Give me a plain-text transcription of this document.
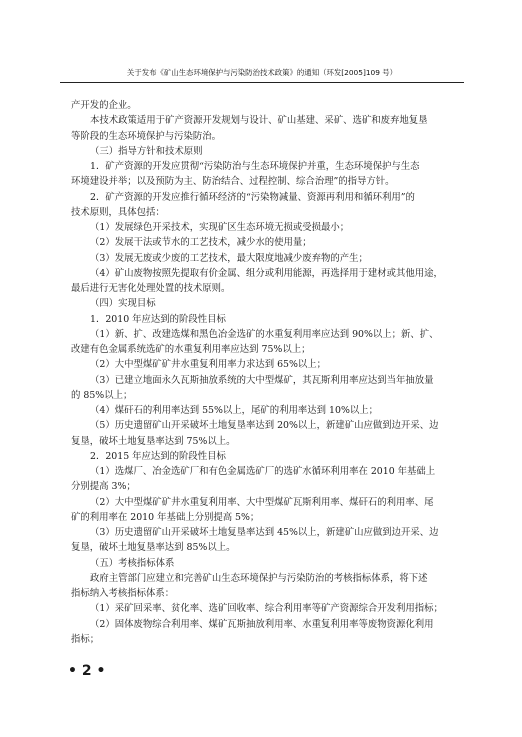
关于发布《矿山生态环境保护与污染防治技术政策》的通知（环发[2005]109 号）

产开发的企业。

本技术政策适用于矿产资源开发规划与设计、矿山基建、采矿、选矿和废弃地复垦

等阶段的生态环境保护与污染防治。

（三）指导方针和技术原则

1．矿产资源的开发应贯彻“污染防治与生态环境保护并重，生态环境保护与生态

环境建设并举；以及预防为主、防治结合、过程控制、综合治理”的指导方针。

2．矿产资源的开发应推行循环经济的“污染物减量、资源再利用和循环利用”的

技术原则，具体包括：

（1）发展绿色开采技术，实现矿区生态环境无损或受损最小；

（2）发展干法或节水的工艺技术，减少水的使用量；

（3）发展无废或少废的工艺技术，最大限度地减少废弃物的产生；

（4）矿山废物按照先提取有价金属、组分或利用能源，再选择用于建材或其他用途，

最后进行无害化处理处置的技术原则。

（四）实现目标

1．2010 年应达到的阶段性目标

（1）新、扩、改建选煤和黑色冶金选矿的水重复利用率应达到 90%以上；新、扩、

改建有色金属系统选矿的水重复利用率应达到 75%以上；

（2）大中型煤矿矿井水重复利用率力求达到 65%以上；

（3）已建立地面永久瓦斯抽放系统的大中型煤矿，其瓦斯利用率应达到当年抽放量

的 85%以上；

（4）煤矸石的利用率达到 55%以上，尾矿的利用率达到 10%以上；

（5）历史遗留矿山开采破坏土地复垦率达到 20%以上，新建矿山应做到边开采、边

复垦，破坏土地复垦率达到 75%以上。

2．2015 年应达到的阶段性目标

（1）选煤厂、冶金选矿厂和有色金属选矿厂的选矿水循环利用率在 2010 年基础上

分别提高 3%；

（2）大中型煤矿矿井水重复利用率、大中型煤矿瓦斯利用率、煤矸石的利用率、尾

矿的利用率在 2010 年基础上分别提高 5%；

（3）历史遗留矿山开采破坏土地复垦率达到 45%以上，新建矿山应做到边开采、边

复垦，破坏土地复垦率达到 85%以上。

（五）考核指标体系

政府主管部门应建立和完善矿山生态环境保护与污染防治的考核指标体系，将下述

指标纳入考核指标体系：

（1）采矿回采率、贫化率、选矿回收率、综合利用率等矿产资源综合开发利用指标；

（2）固体废物综合利用率、煤矿瓦斯抽放利用率、水重复利用率等废物资源化利用

指标；

• 2 •
